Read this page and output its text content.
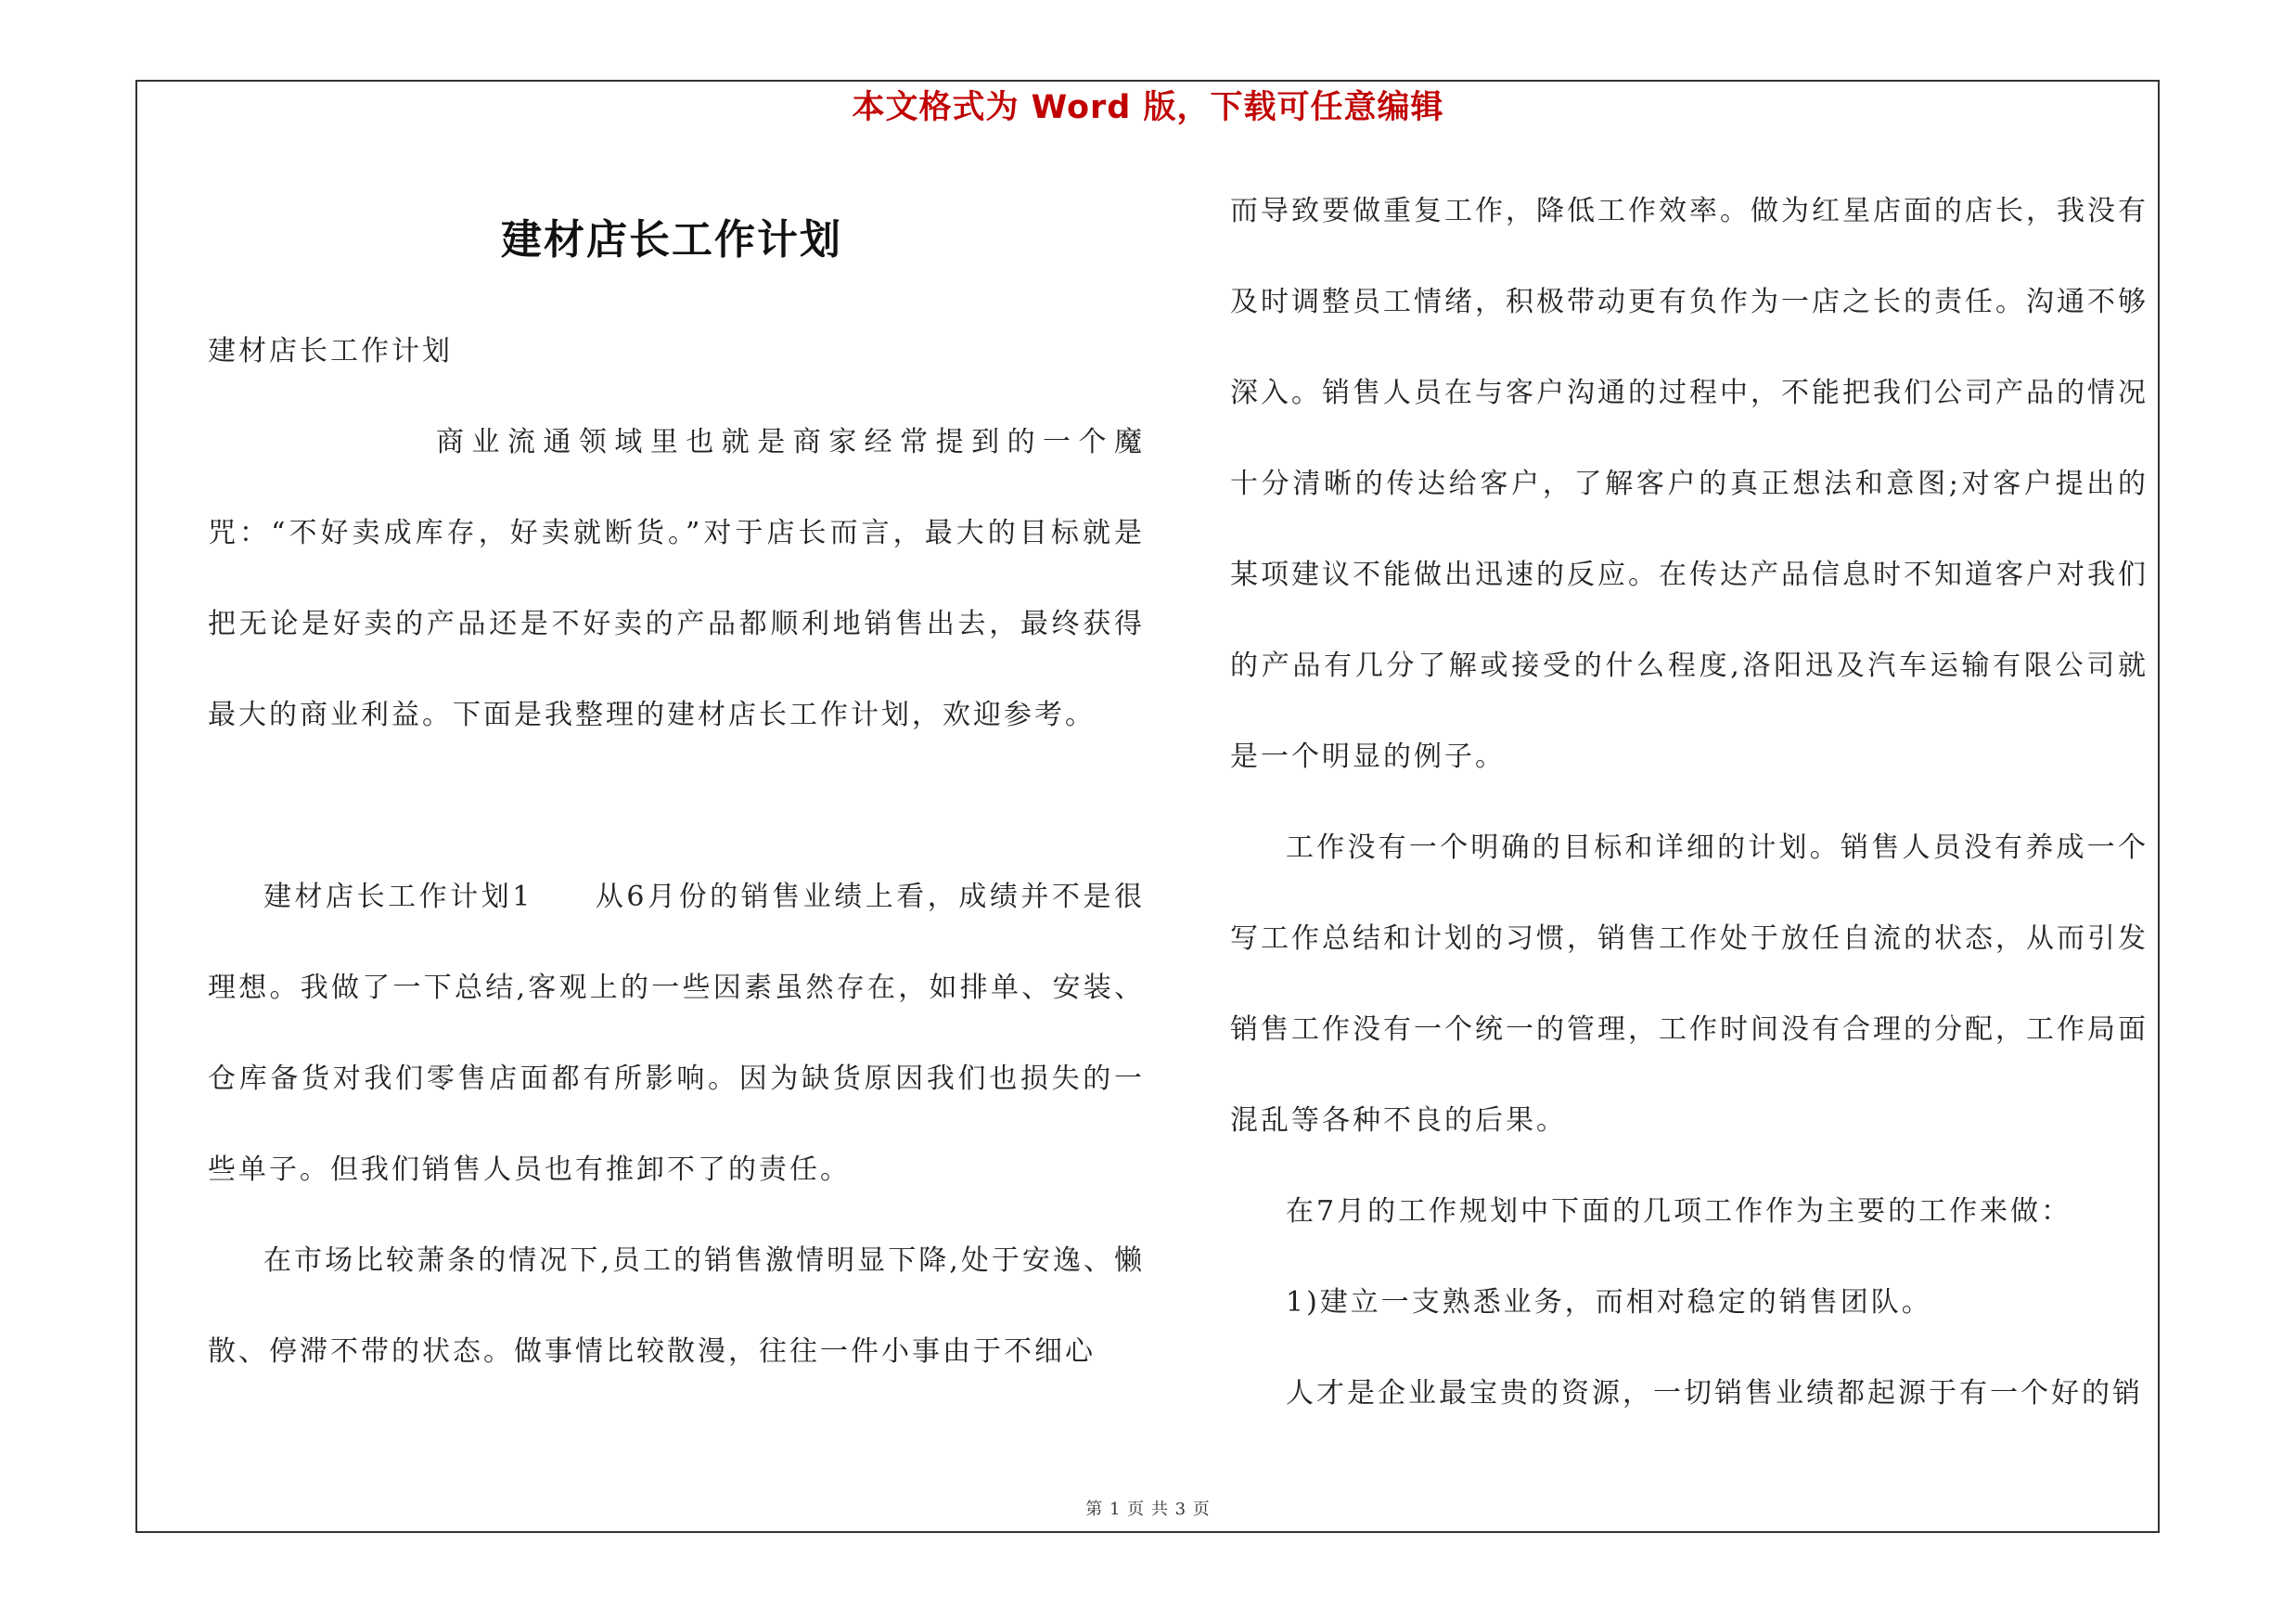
本文格式为 Word 版，下载可任意编辑
建材店长工作计划

建材店长工作计划

商业流通领域里也就是商家经常提到的一个魔咒：“不好卖成库存，好卖就断货。”对于店长而言，最大的目标就是把无论是好卖的产品还是不好卖的产品都顺利地销售出去，最终获得最大的商业利益。下面是我整理的建材店长工作计划，欢迎参考。

建材店长工作计划1　　从6月份的销售业绩上看，成绩并不是很理想。我做了一下总结,客观上的一些因素虽然存在，如排单、安装、仓库备货对我们零售店面都有所影响。因为缺货原因我们也损失的一些单子。但我们销售人员也有推卸不了的责任。

在市场比较萧条的情况下,员工的销售激情明显下降,处于安逸、懒散、停滞不带的状态。做事情比较散漫，往往一件小事由于不细心

而导致要做重复工作，降低工作效率。做为红星店面的店长，我没有及时调整员工情绪，积极带动更有负作为一店之长的责任。沟通不够深入。销售人员在与客户沟通的过程中，不能把我们公司产品的情况十分清晰的传达给客户，了解客户的真正想法和意图;对客户提出的某项建议不能做出迅速的反应。在传达产品信息时不知道客户对我们的产品有几分了解或接受的什么程度,洛阳迅及汽车运输有限公司就是一个明显的例子。

工作没有一个明确的目标和详细的计划。销售人员没有养成一个写工作总结和计划的习惯，销售工作处于放任自流的状态，从而引发销售工作没有一个统一的管理，工作时间没有合理的分配，工作局面混乱等各种不良的后果。

在7月的工作规划中下面的几项工作作为主要的工作来做：

1)建立一支熟悉业务，而相对稳定的销售团队。

人才是企业最宝贵的资源，一切销售业绩都起源于有一个好的销

第 1 页 共 3 页
